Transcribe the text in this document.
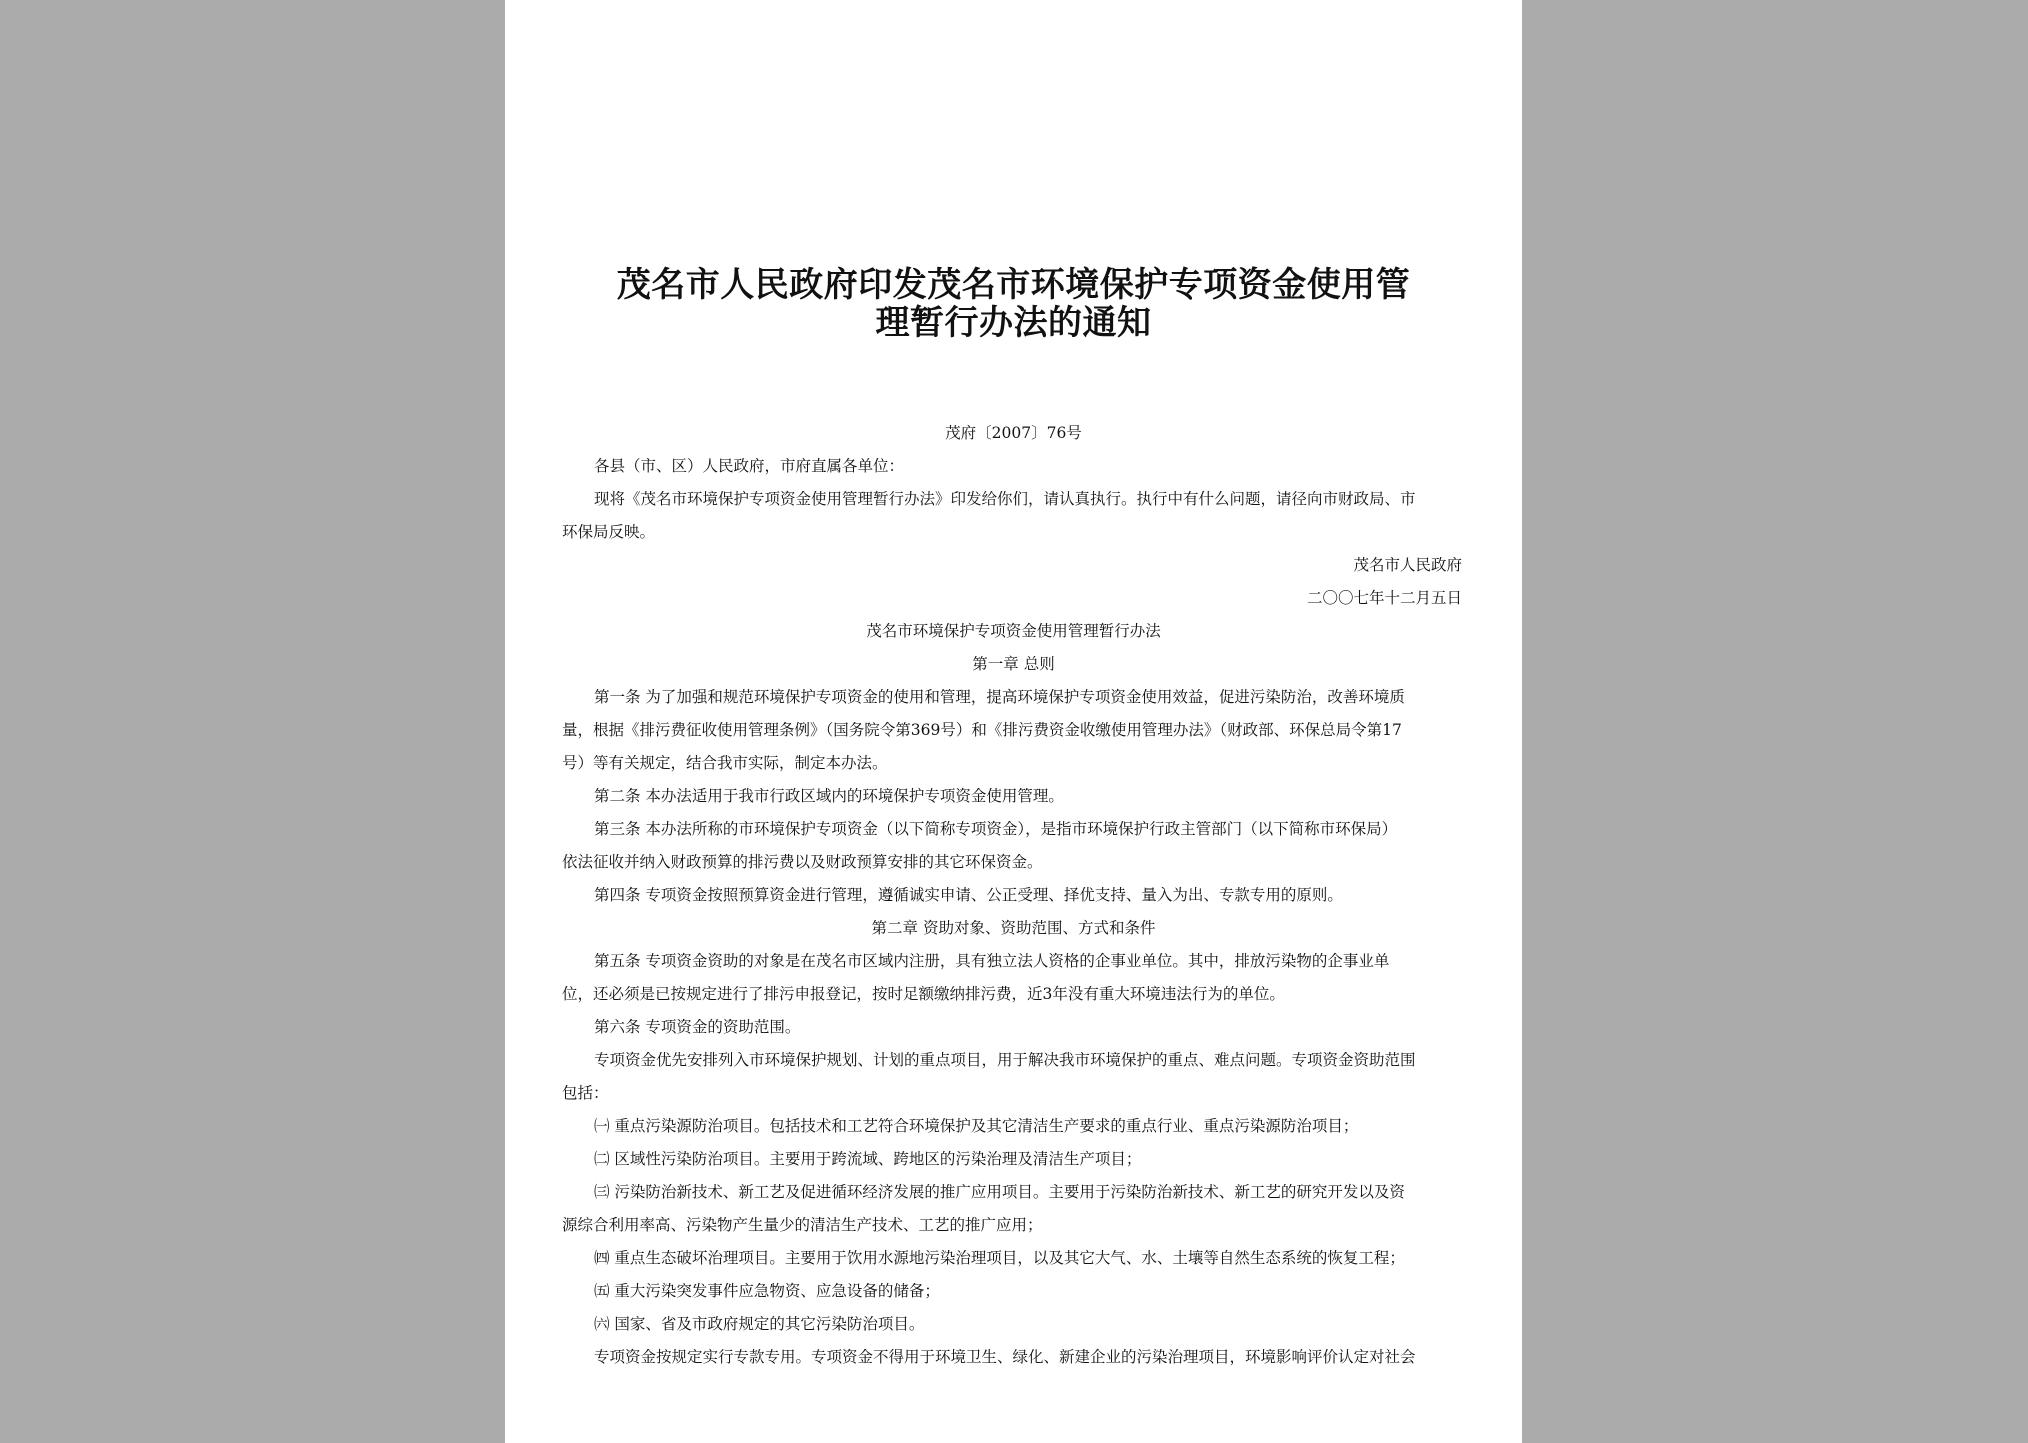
茂名市人民政府印发茂名市环境保护专项资金使用管
理暂行办法的通知
茂府〔2007〕76号
各县（市、区）人民政府，市府直属各单位：
现将《茂名市环境保护专项资金使用管理暂行办法》印发给你们，请认真执行。执行中有什么问题，请径向市财政局、市
环保局反映。
茂名市人民政府
二〇〇七年十二月五日
茂名市环境保护专项资金使用管理暂行办法
第一章 总则
第一条 为了加强和规范环境保护专项资金的使用和管理，提高环境保护专项资金使用效益，促进污染防治，改善环境质
量，根据《排污费征收使用管理条例》（国务院令第369号）和《排污费资金收缴使用管理办法》（财政部、环保总局令第17
号）等有关规定，结合我市实际，制定本办法。
第二条 本办法适用于我市行政区域内的环境保护专项资金使用管理。
第三条 本办法所称的市环境保护专项资金（以下简称专项资金），是指市环境保护行政主管部门（以下简称市环保局）
依法征收并纳入财政预算的排污费以及财政预算安排的其它环保资金。
第四条 专项资金按照预算资金进行管理，遵循诚实申请、公正受理、择优支持、量入为出、专款专用的原则。
第二章 资助对象、资助范围、方式和条件
第五条 专项资金资助的对象是在茂名市区域内注册，具有独立法人资格的企事业单位。其中，排放污染物的企事业单
位，还必须是已按规定进行了排污申报登记，按时足额缴纳排污费，近3年没有重大环境违法行为的单位。
第六条 专项资金的资助范围。
专项资金优先安排列入市环境保护规划、计划的重点项目，用于解决我市环境保护的重点、难点问题。专项资金资助范围
包括：
㈠ 重点污染源防治项目。包括技术和工艺符合环境保护及其它清洁生产要求的重点行业、重点污染源防治项目；
㈡ 区域性污染防治项目。主要用于跨流域、跨地区的污染治理及清洁生产项目；
㈢ 污染防治新技术、新工艺及促进循环经济发展的推广应用项目。主要用于污染防治新技术、新工艺的研究开发以及资
源综合利用率高、污染物产生量少的清洁生产技术、工艺的推广应用；
㈣ 重点生态破坏治理项目。主要用于饮用水源地污染治理项目，以及其它大气、水、土壤等自然生态系统的恢复工程；
㈤ 重大污染突发事件应急物资、应急设备的储备；
㈥ 国家、省及市政府规定的其它污染防治项目。
专项资金按规定实行专款专用。专项资金不得用于环境卫生、绿化、新建企业的污染治理项目，环境影响评价认定对社会
